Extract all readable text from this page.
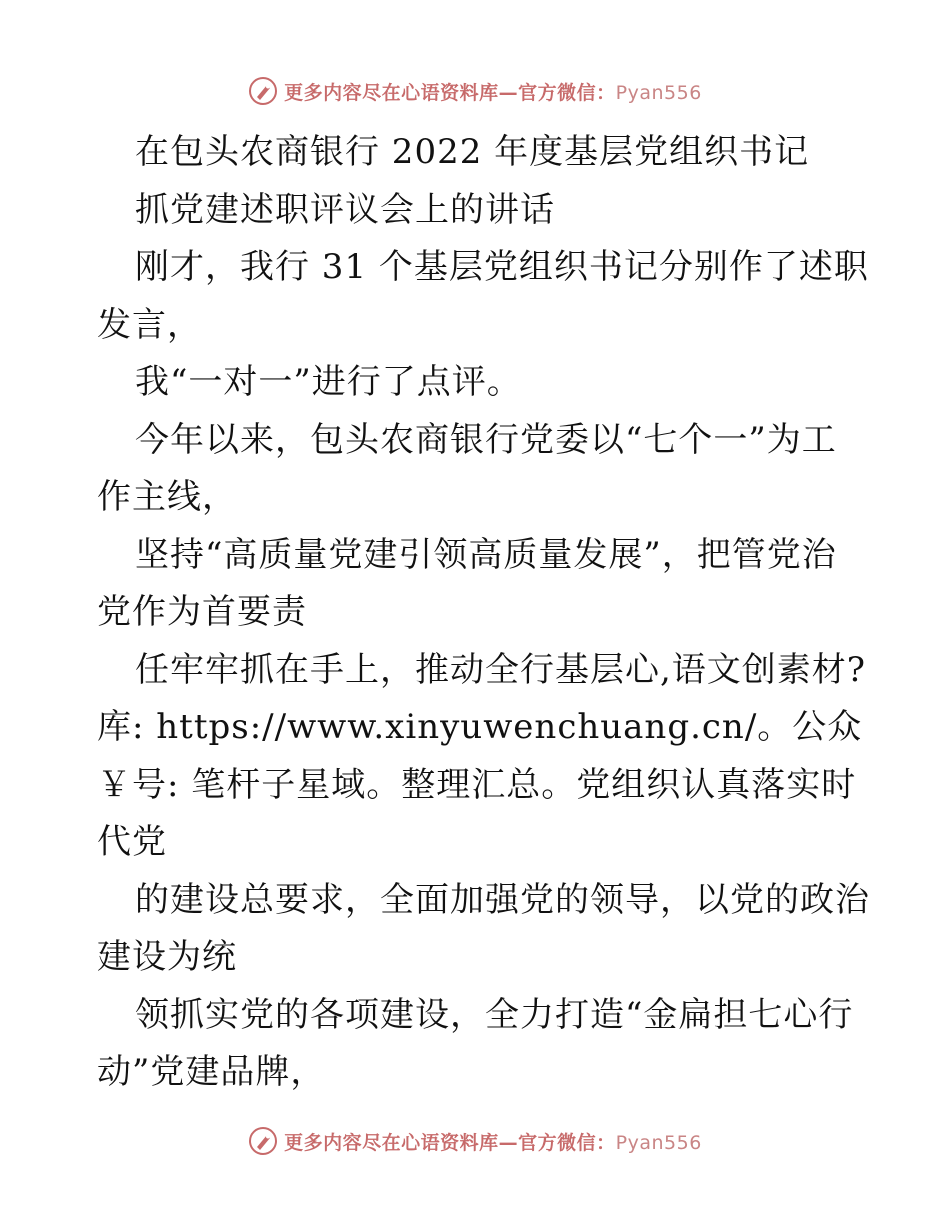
更多内容尽在心语资料库—官方微信：Pyan556
在包头农商银行 2022 年度基层党组织书记
抓党建述职评议会上的讲话
刚才，我行 31 个基层党组织书记分别作了述职
发言，
我“一对一”进行了点评。
今年以来，包头农商银行党委以“七个一”为工
作主线，
坚持“高质量党建引领高质量发展”，把管党治
党作为首要责
任牢牢抓在手上，推动全行基层心,语文创素材?
库: https://www.xinyuwenchuang.cn/。公众
￥号: 笔杆子星域。整理汇总。党组织认真落实时
代党
的建设总要求，全面加强党的领导，以党的政治
建设为统
领抓实党的各项建设，全力打造“金扁担七心行
动”党建品牌，
更多内容尽在心语资料库—官方微信：Pyan556
